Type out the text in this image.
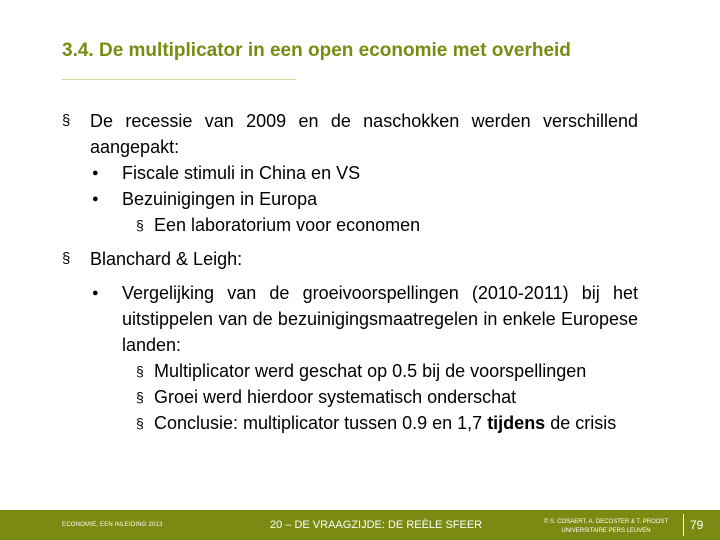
3.4. De multiplicator in een open economie met overheid
§ De recessie van 2009 en de naschokken werden verschillend aangepakt:
● Fiscale stimuli in China en VS
● Bezuinigingen in Europa
§ Een laboratorium voor economen
§ Blanchard & Leigh:
● Vergelijking van de groeivoorspellingen (2010-2011) bij het uitstippelen van de bezuinigingsmaatregelen in enkele Europese landen:
§ Multiplicator werd geschat op 0.5 bij de voorspellingen
§ Groei werd hierdoor systematisch onderschat
§ Conclusie: multiplicator tussen 0.9 en 1,7 tijdens de crisis
ECONOMIE, EEN INLEIDING 2013	20 – DE VRAAGZIJDE: DE REËLE SFEER	© S. COSAERT, A. DECOSTER & T. PROOST
UNIVERSITAIRE PERS LEUVEN	79
